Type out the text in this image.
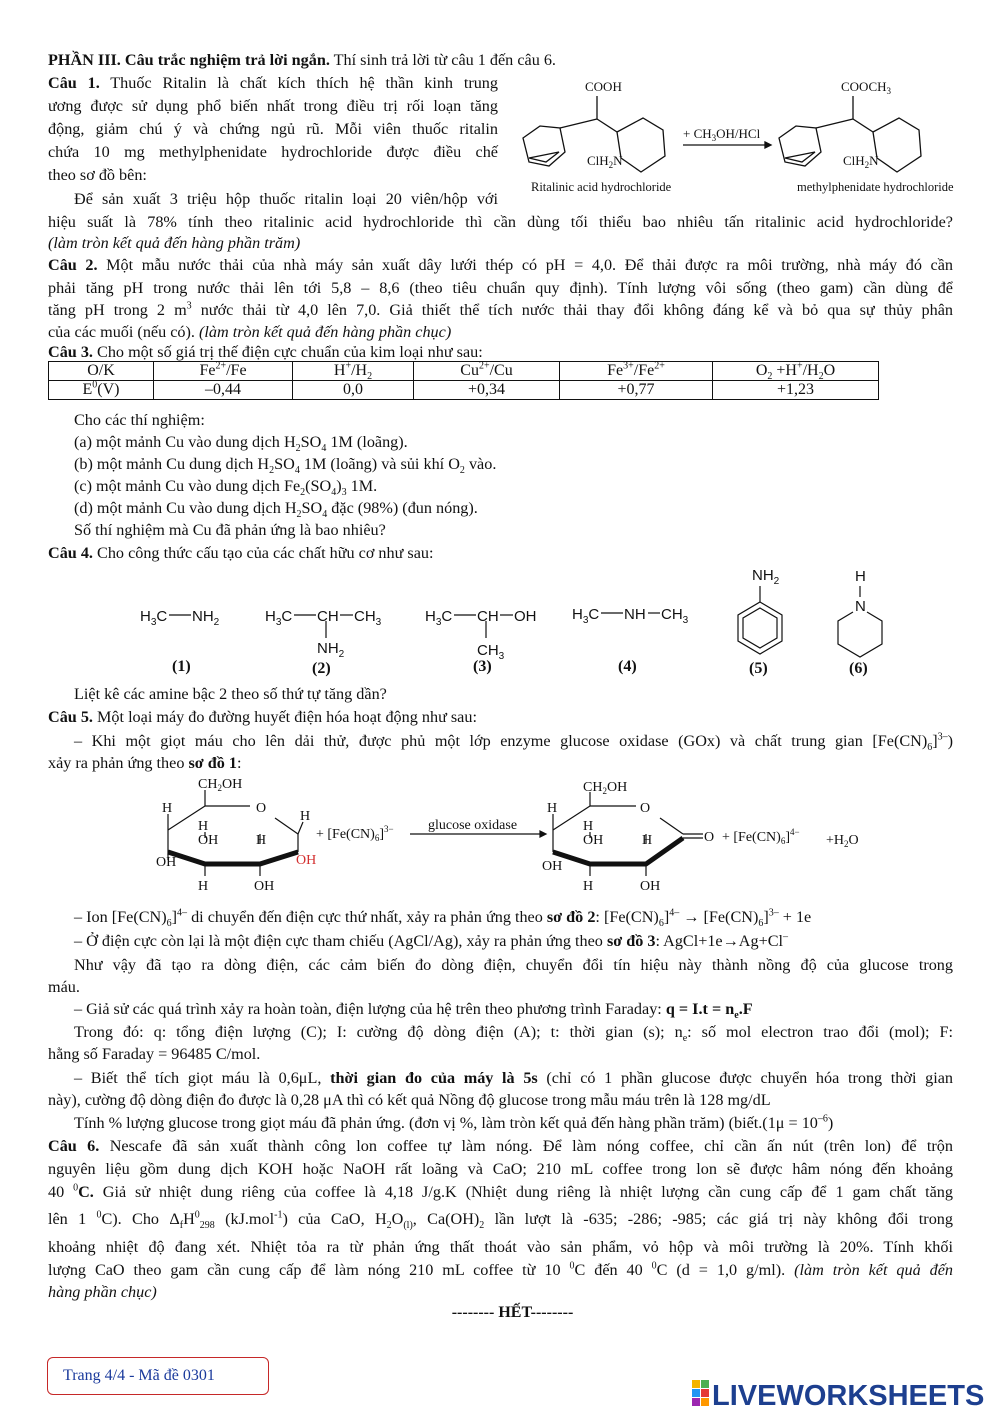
PHẦN III. Câu trắc nghiệm trả lời ngắn. Thí sinh trả lời từ câu 1 đến câu 6.
Câu 1. Thuốc Ritalin là chất kích thích hệ thần kinh trung
ương được sử dụng phổ biến nhất trong điều trị rối loạn tăng
động, giảm chú ý và chứng ngủ rũ. Mỗi viên thuốc ritalin
chứa 10 mg methylphenidate hydrochloride được điều chế
theo sơ đồ bên:
Để sản xuất 3 triệu hộp thuốc ritalin loại 20 viên/hộp với
hiệu suất là 78% tính theo ritalinic acid hydrochloride thì cần dùng tối thiểu bao nhiêu tấn ritalinic acid hydrochloride?
(làm tròn kết quả đến hàng phần trăm)
COOH
ClH$_2$N
+ $CH_3OH$/HCl
$COOCH_3$
ClH$_2$N
Ritalinic acid hydrochloride	methylphenidate hydrochloride
Câu 2. Một mẫu nước thải của nhà máy sản xuất dây lưới thép có pH = 4,0. Để thải được ra môi trường, nhà máy đó cần
phải tăng pH trong nước thải lên tới 5,8 – 8,6 (theo tiêu chuẩn quy định). Tính lượng vôi sống (theo gam) cần dùng để
tăng pH trong 2 $m^3$ nước thải từ 4,0 lên 7,0. Giả thiết thể tích nước thải thay đổi không đáng kể và bỏ qua sự thủy phân
của các muối (nếu có). (làm tròn kết quả đến hàng phần chục)
Câu 3. Cho một số giá trị thế điện cực chuẩn của kim loại như sau:
O/K	$Fe^{2+}/Fe$	$H^+/H_2$	$Cu^{2+}/Cu$	$Fe^{3+}/Fe^{2+}$	$O_2 +H^+/H_2O$
$E^0(V)$	–0,44	0,0	+0,34	+0,77	+1,23
Cho các thí nghiệm:
(a) một mảnh Cu vào dung dịch $H_2SO_4$ 1M (loãng).
(b) một mảnh Cu dung dịch $H_2SO_4$ 1M (loãng) và sủi khí $O_2$ vào.
(c) một mảnh Cu vào dung dịch $Fe_2(SO_4)_3$ 1M.
(d) một mảnh Cu vào dung dịch $H_2SO_4$ đặc (98%) (đun nóng).
Số thí nghiệm mà Cu đã phản ứng là bao nhiêu?
Câu 4. Cho công thức cấu tạo của các chất hữu cơ như sau:
$H_3C$ $NH_2$	$H_3C$ CH $CH_3$
$NH_2$
$H_3C$ CH OH
$CH_3$
$H_3C$ NH $CH_3$
$NH_2$	H
N
(1)	(2)	(3)	(4)	(5)	(6)
Liệt kê các amine bậc 2 theo số thứ tự tăng dần?
Câu 5. Một loại máy đo đường huyết điện hóa hoạt động như sau:
– Khi một giọt máu cho lên dải thử, được phủ một lớp enzyme glucose oxidase (GOx) và chất trung gian $[Fe(CN)_6]^{3-}$)
xảy ra phản ứng theo sơ đồ 1:
$CH_2OH$
O
H
H
OH	H
H
OH
OH
H	OH
+ $[Fe(CN)_6]^{3-}$ glucose oxidase
$CH_2OH$
O
H
H
OH	H
OH
H	OH
$O + [Fe(CN)_6]^{4-}$
$+H_2O$
– Ion $[Fe(CN)_6]^{4-}$ di chuyển đến điện cực thứ nhất, xảy ra phản ứng theo sơ đồ 2: $[Fe(CN)_6]^{4-} \to [Fe(CN)_6]^{3-} + 1e$
– Ở điện cực còn lại là một điện cực tham chiếu (AgCl/Ag), xảy ra phản ứng theo sơ đồ 3: AgCl+1e→Ag+Cl–
Như vậy đã tạo ra dòng điện, các cảm biến đo dòng điện, chuyển đổi tín hiệu này thành nồng độ của glucose trong
máu.
– Giả sử các quá trình xảy ra hoàn toàn, điện lượng của hệ trên theo phương trình Faraday: $q = I.t = n_e.F$
Trong đó: q: tổng điện lượng (C); I: cường độ dòng điện (A); t: thời gian (s); $n_e$: số mol electron trao đổi (mol); F:
hằng số Faraday = 96485 C/mol.
– Biết thể tích giọt máu là 0,6μL, thời gian đo của máy là 5s (chỉ có 1 phần glucose được chuyển hóa trong thời gian
này), cường độ dòng điện đo được là 0,28 μA thì có kết quả Nồng độ glucose trong mẫu máu trên là 128 mg/dL
Tính % lượng glucose trong giọt máu đã phản ứng. (đơn vị %, làm tròn kết quả đến hàng phần trăm) (biết.(1μ = $10^{-6}$)
Câu 6. Nescafe đã sản xuất thành công lon coffee tự làm nóng. Để làm nóng coffee, chỉ cần ấn nút (trên lon) để trộn
nguyên liệu gồm dung dịch KOH hoặc NaOH rất loãng và CaO; 210 mL coffee trong lon sẽ được hâm nóng đến khoảng
40 $^0$C. Giả sử nhiệt dung riêng của coffee là 4,18 J/g.K (Nhiệt dung riêng là nhiệt lượng cần cung cấp để 1 gam chất tăng
lên 1 $^0$C). Cho $\Delta_fH^0_{298}$ (kJ.mol$^{-1}$) của CaO, $H_2O_{(l)}$, $Ca(OH)_2$ lần lượt là -635; -286; -985; các giá trị này không đổi trong
khoảng nhiệt độ đang xét. Nhiệt tỏa ra từ phản ứng thất thoát vào sản phẩm, vỏ hộp và môi trường là 20%. Tính khối
lượng CaO theo gam cần cung cấp để làm nóng 210 mL coffee từ 10 $^0$C đến 40 $^0$C (d = 1,0 g/ml). (làm tròn kết quả đến
hàng phần chục)
-------- HẾT--------
Trang 4/4 - Mã đề 0301
LIVEWORKSHEETS
